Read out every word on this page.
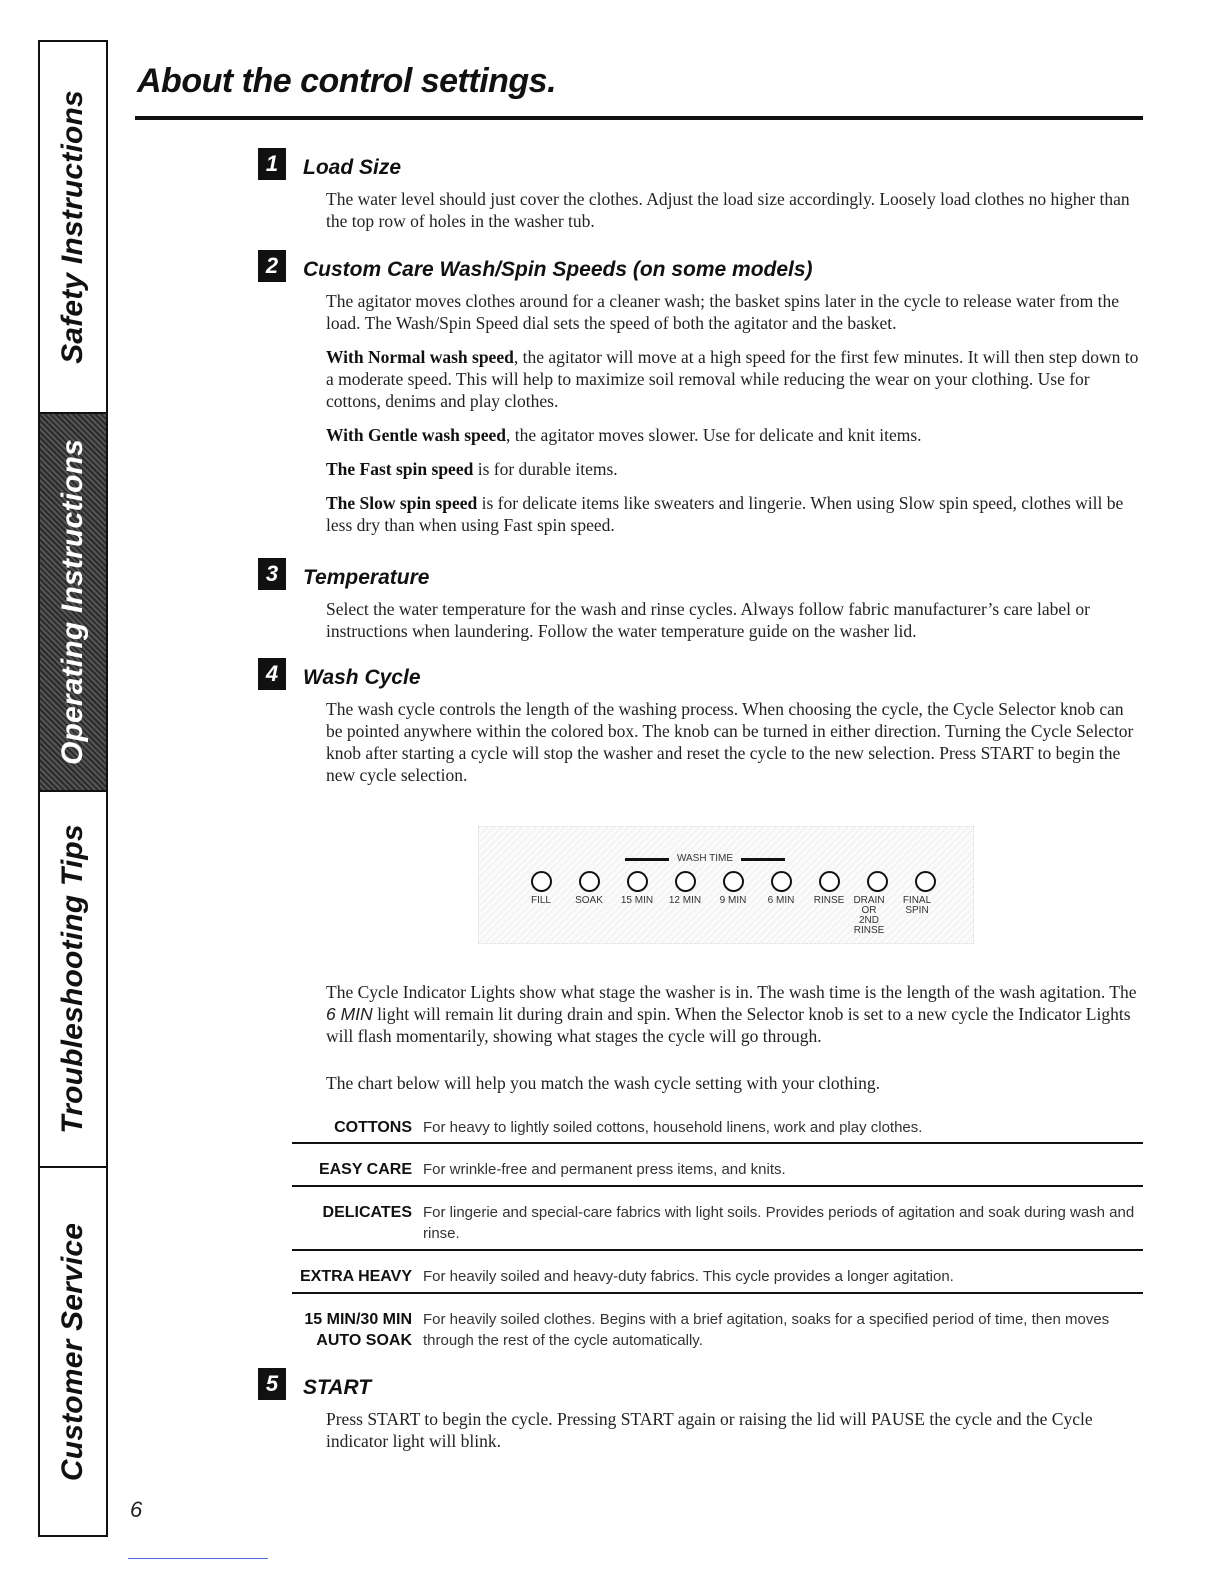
Safety Instructions
Operating Instructions
Troubleshooting Tips
Customer Service
About the control settings.
1	Load Size

The water level should just cover the clothes. Adjust the load size accordingly. Loosely load clothes no higher than the top row of holes in the washer tub.

2	Custom Care Wash/Spin Speeds (on some models)

The agitator moves clothes around for a cleaner wash; the basket spins later in the cycle to release water from the load. The Wash/Spin Speed dial sets the speed of both the agitator and the basket.

With Normal wash speed, the agitator will move at a high speed for the first few minutes. It will then step down to a moderate speed. This will help to maximize soil removal while reducing the wear on your clothing. Use for cottons, denims and play clothes.

With Gentle wash speed, the agitator moves slower. Use for delicate and knit items.

The Fast spin speed is for durable items.

The Slow spin speed is for delicate items like sweaters and lingerie. When using Slow spin speed, clothes will be less dry than when using Fast spin speed.

3	Temperature

Select the water temperature for the wash and rinse cycles. Always follow fabric manufacturer’s care label or instructions when laundering. Follow the water temperature guide on the washer lid.

4	Wash Cycle

The wash cycle controls the length of the washing process. When choosing the cycle, the Cycle Selector knob can be pointed anywhere within the colored box. The knob can be turned in either direction. Turning the Cycle Selector knob after starting a cycle will stop the washer and reset the cycle to the new selection. Press START to begin the new cycle selection.

WASH TIME
FILL	SOAK	15 MIN	12 MIN	9 MIN	6 MIN	RINSE DRAIN
OR
2ND
RINSE
FINAL
SPIN

The Cycle Indicator Lights show what stage the washer is in. The wash time is the length of the wash agitation. The 6 MIN light will remain lit during drain and spin. When the Selector knob is set to a new cycle the Indicator Lights will flash momentarily, showing what stages the cycle will go through.

The chart below will help you match the wash cycle setting with your clothing.

COTTONS For heavy to lightly soiled cottons, household linens, work and play clothes.
EASY CARE For wrinkle-free and permanent press items, and knits.
DELICATES For lingerie and special-care fabrics with light soils. Provides periods of agitation and soak during wash and rinse.
EXTRA HEAVY For heavily soiled and heavy-duty fabrics. This cycle provides a longer agitation.
15 MIN/30 MIN
AUTO SOAK
For heavily soiled clothes. Begins with a brief agitation, soaks for a specified period of time, then moves through the rest of the cycle automatically.
5	START

Press START to begin the cycle. Pressing START again or raising the lid will PAUSE the cycle and the Cycle indicator light will blink.

6
